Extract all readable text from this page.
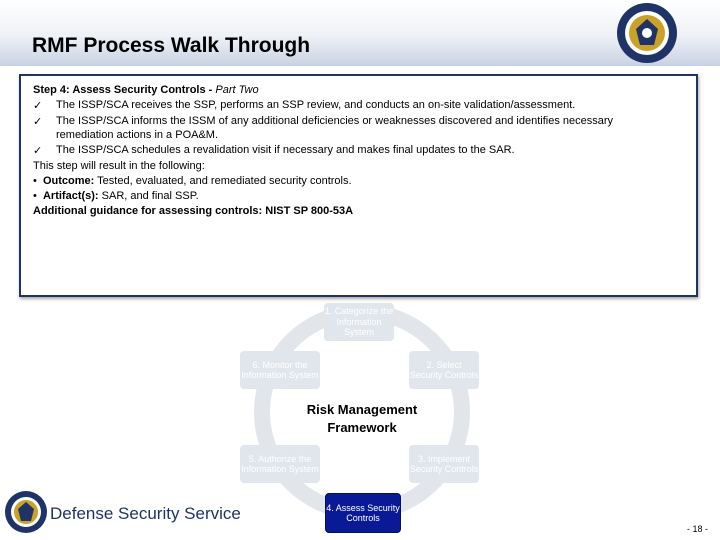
RMF Process Walk Through
Step 4: Assess Security Controls - Part Two
✓ The ISSP/SCA receives the SSP, performs an SSP review, and conducts an on-site validation/assessment.
✓ The ISSP/SCA informs the ISSM of any additional deficiencies or weaknesses discovered and identifies necessary
remediation actions in a POA&M.
✓ The ISSP/SCA schedules a revalidation visit if necessary and makes final updates to the SAR.
This step will result in the following:
• Outcome: Tested, evaluated, and remediated security controls.
• Artifact(s): SAR, and final SSP.
Additional guidance for assessing controls: NIST SP 800-53A
1. Categorize the Information System
2. Select Security Controls
3. Implement Security Controls
4. Assess Security Controls
5. Authorize the Information System
6. Monitor the Information System
Risk Management
Framework
Defense Security Service
- 18 -
